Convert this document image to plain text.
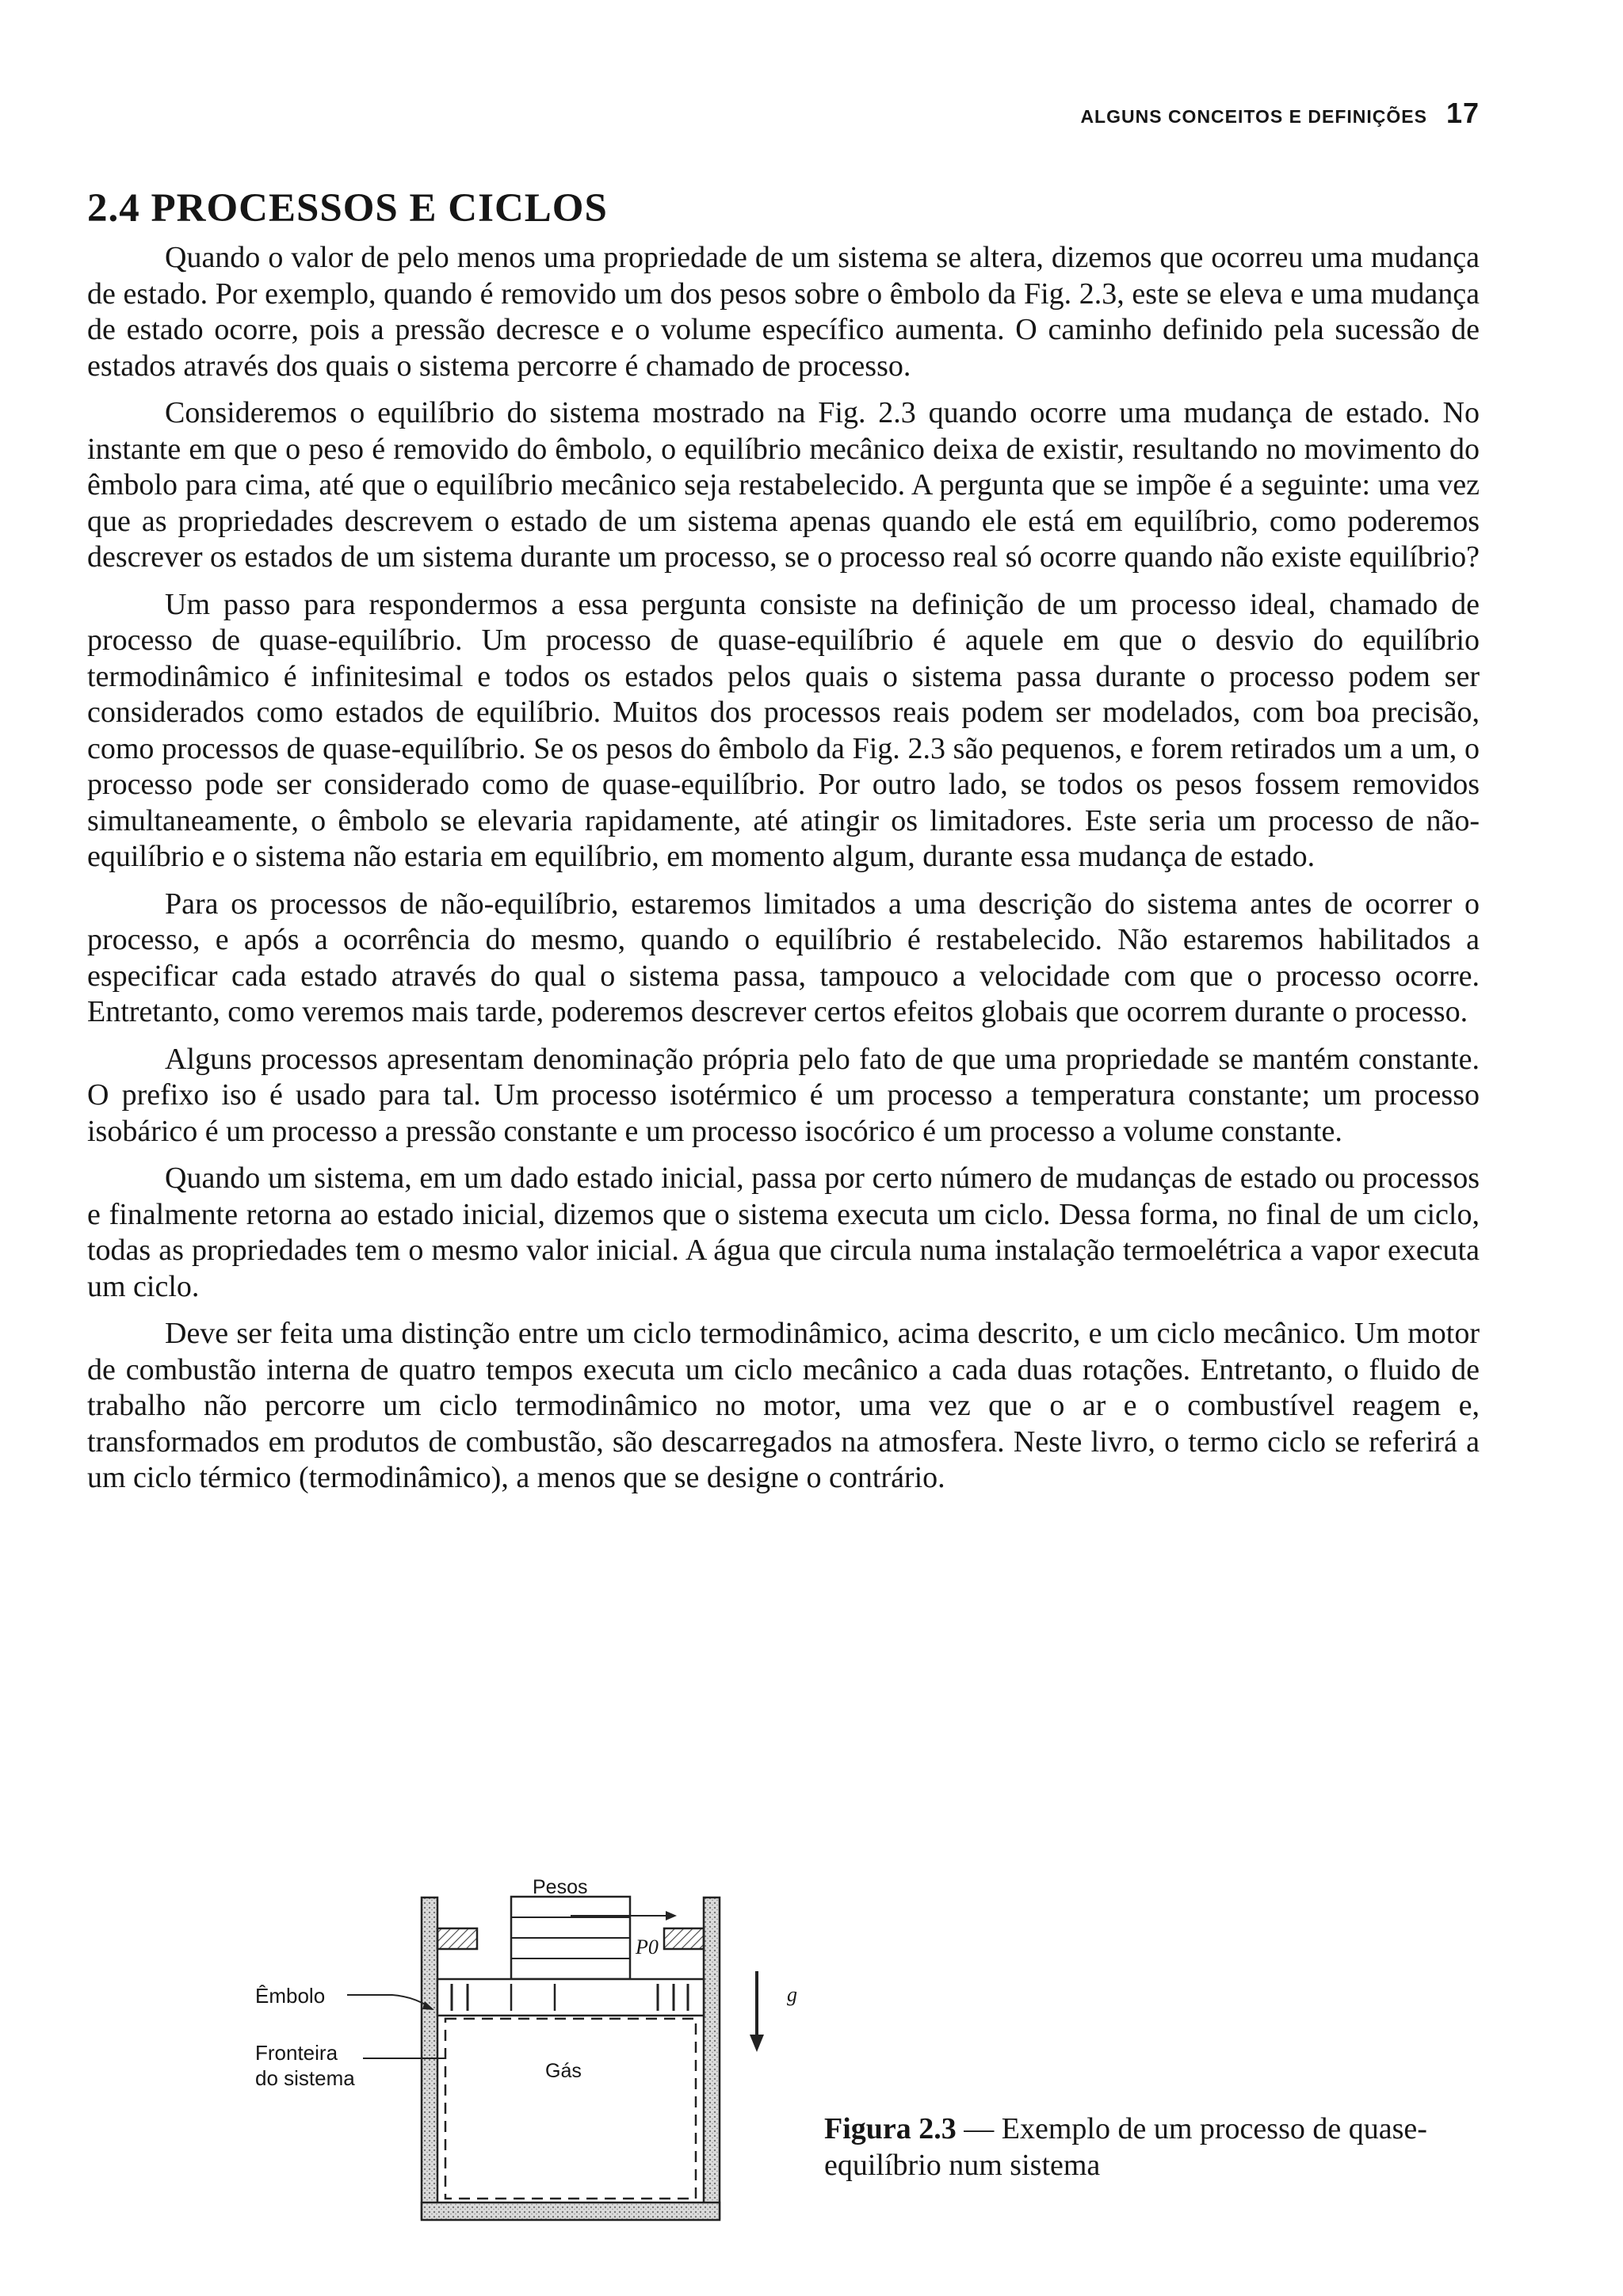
ALGUNS CONCEITOS E DEFINIÇÕES 17
2.4 PROCESSOS E CICLOS

Quando o valor de pelo menos uma propriedade de um sistema se altera, dizemos que ocorreu uma mudança de estado. Por exemplo, quando é removido um dos pesos sobre o êmbolo da Fig. 2.3, este se eleva e uma mudança de estado ocorre, pois a pressão decresce e o volume específico aumenta. O caminho definido pela sucessão de estados através dos quais o sistema percorre é chamado de processo.

Consideremos o equilíbrio do sistema mostrado na Fig. 2.3 quando ocorre uma mudança de estado. No instante em que o peso é removido do êmbolo, o equilíbrio mecânico deixa de existir, resultando no movimento do êmbolo para cima, até que o equilíbrio mecânico seja restabelecido. A pergunta que se impõe é a seguinte: uma vez que as propriedades descrevem o estado de um sistema apenas quando ele está em equilíbrio, como poderemos descrever os estados de um sistema durante um processo, se o processo real só ocorre quando não existe equilíbrio?

Um passo para respondermos a essa pergunta consiste na definição de um processo ideal, chamado de processo de quase-equilíbrio. Um processo de quase-equilíbrio é aquele em que o desvio do equilíbrio termodinâmico é infinitesimal e todos os estados pelos quais o sistema passa durante o processo podem ser considerados como estados de equilíbrio. Muitos dos processos reais podem ser modelados, com boa precisão, como processos de quase-equilíbrio. Se os pesos do êmbolo da Fig. 2.3 são pequenos, e forem retirados um a um, o processo pode ser considerado como de quase-equilíbrio. Por outro lado, se todos os pesos fossem removidos simultaneamente, o êmbolo se elevaria rapidamente, até atingir os limitadores. Este seria um processo de não-equilíbrio e o sistema não estaria em equilíbrio, em momento algum, durante essa mudança de estado.

Para os processos de não-equilíbrio, estaremos limitados a uma descrição do sistema antes de ocorrer o processo, e após a ocorrência do mesmo, quando o equilíbrio é restabelecido. Não estaremos habilitados a especificar cada estado através do qual o sistema passa, tampouco a velocidade com que o processo ocorre. Entretanto, como veremos mais tarde, poderemos descrever certos efeitos globais que ocorrem durante o processo.

Alguns processos apresentam denominação própria pelo fato de que uma propriedade se mantém constante. O prefixo iso é usado para tal. Um processo isotérmico é um processo a temperatura constante; um processo isobárico é um processo a pressão constante e um processo isocórico é um processo a volume constante.

Quando um sistema, em um dado estado inicial, passa por certo número de mudanças de estado ou processos e finalmente retorna ao estado inicial, dizemos que o sistema executa um ciclo. Dessa forma, no final de um ciclo, todas as propriedades tem o mesmo valor inicial. A água que circula numa instalação termoelétrica a vapor executa um ciclo.

Deve ser feita uma distinção entre um ciclo termodinâmico, acima descrito, e um ciclo mecânico. Um motor de combustão interna de quatro tempos executa um ciclo mecânico a cada duas rotações. Entretanto, o fluido de trabalho não percorre um ciclo termodinâmico no motor, uma vez que o ar e o combustível reagem e, transformados em produtos de combustão, são descarregados na atmosfera. Neste livro, o termo ciclo se referirá a um ciclo térmico (termodinâmico), a menos que se designe o contrário.

Pesos
P0
Êmbolo
Fronteira
do sistema	Gás
g
Figura 2.3 — Exemplo de um processo de quase-equilíbrio num sistema
